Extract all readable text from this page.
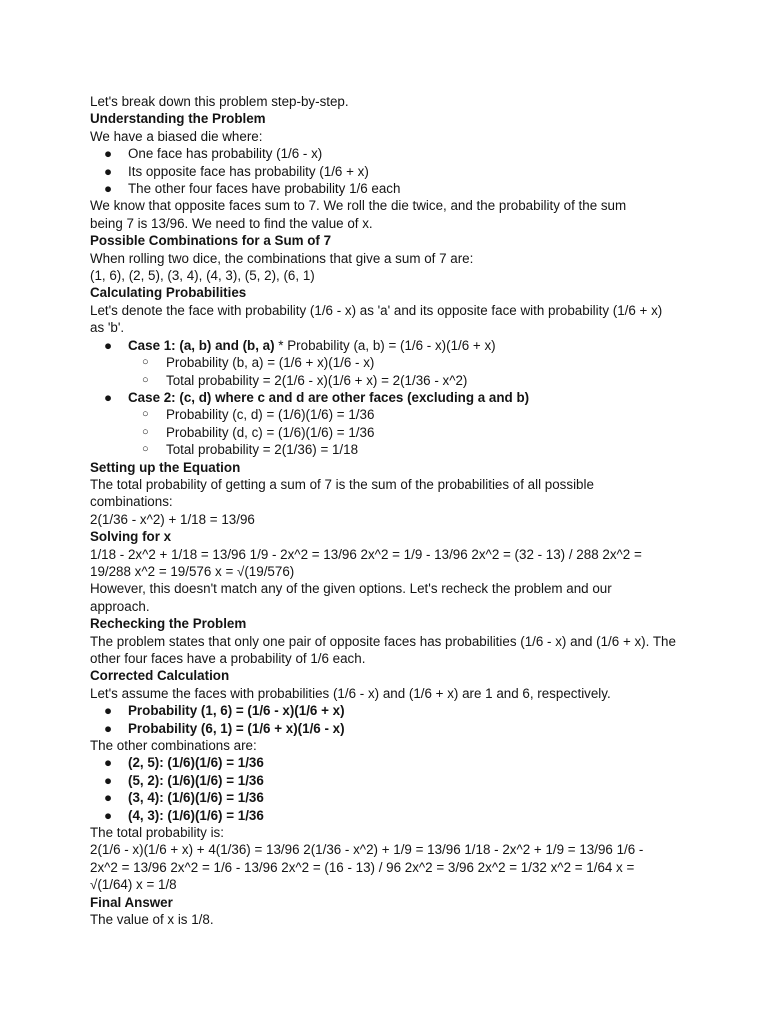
Let's break down this problem step-by-step.
Understanding the Problem
We have a biased die where:
● One face has probability (1/6 - x)
● Its opposite face has probability (1/6 + x)
● The other four faces have probability 1/6 each
We know that opposite faces sum to 7. We roll the die twice, and the probability of the sum being 7 is 13/96. We need to find the value of x.
Possible Combinations for a Sum of 7
When rolling two dice, the combinations that give a sum of 7 are:
(1, 6), (2, 5), (3, 4), (4, 3), (5, 2), (6, 1)
Calculating Probabilities
Let's denote the face with probability (1/6 - x) as 'a' and its opposite face with probability (1/6 + x) as 'b'.
● Case 1: (a, b) and (b, a) * Probability (a, b) = (1/6 - x)(1/6 + x)
○ Probability (b, a) = (1/6 + x)(1/6 - x)
○ Total probability = 2(1/6 - x)(1/6 + x) = 2(1/36 - x^2)
● Case 2: (c, d) where c and d are other faces (excluding a and b)
○ Probability (c, d) = (1/6)(1/6) = 1/36
○ Probability (d, c) = (1/6)(1/6) = 1/36
○ Total probability = 2(1/36) = 1/18
Setting up the Equation
The total probability of getting a sum of 7 is the sum of the probabilities of all possible combinations:
2(1/36 - x^2) + 1/18 = 13/96
Solving for x
1/18 - 2x^2 + 1/18 = 13/96 1/9 - 2x^2 = 13/96 2x^2 = 1/9 - 13/96 2x^2 = (32 - 13) / 288 2x^2 = 19/288 x^2 = 19/576 x = √(19/576)
However, this doesn't match any of the given options. Let's recheck the problem and our approach.
Rechecking the Problem
The problem states that only one pair of opposite faces has probabilities (1/6 - x) and (1/6 + x). The other four faces have a probability of 1/6 each.
Corrected Calculation
Let's assume the faces with probabilities (1/6 - x) and (1/6 + x) are 1 and 6, respectively.
● Probability (1, 6) = (1/6 - x)(1/6 + x)
● Probability (6, 1) = (1/6 + x)(1/6 - x)
The other combinations are:
● (2, 5): (1/6)(1/6) = 1/36
● (5, 2): (1/6)(1/6) = 1/36
● (3, 4): (1/6)(1/6) = 1/36
● (4, 3): (1/6)(1/6) = 1/36
The total probability is:
2(1/6 - x)(1/6 + x) + 4(1/36) = 13/96 2(1/36 - x^2) + 1/9 = 13/96 1/18 - 2x^2 + 1/9 = 13/96 1/6 - 2x^2 = 13/96 2x^2 = 1/6 - 13/96 2x^2 = (16 - 13) / 96 2x^2 = 3/96 2x^2 = 1/32 x^2 = 1/64 x = √(1/64) x = 1/8
Final Answer
The value of x is 1/8.
